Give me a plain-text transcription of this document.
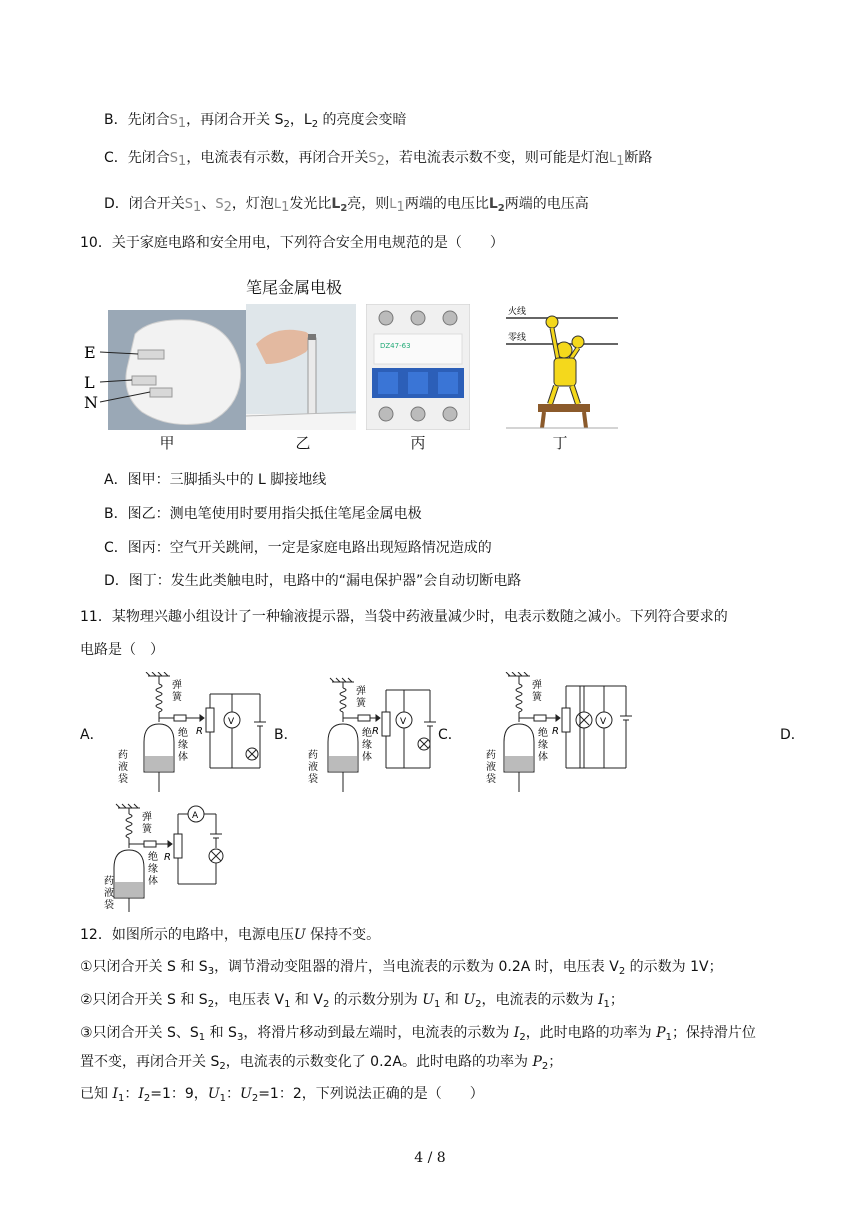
B．先闭合$S_1$，再闭合开关 $S_2$，$L_2$ 的亮度会变暗
C．先闭合$S_1$，电流表有示数，再闭合开关$S_2$，若电流表示数不变，则可能是灯泡$L_1$断路
D．闭合开关$S_1$、$S_2$，灯泡$L_1$发光比$L_2$亮，则$L_1$两端的电压比$L_2$两端的电压高
10．关于家庭电路和安全用电，下列符合安全用电规范的是（　　）
E
L
N
甲
笔尾金属电极
乙
DZ47-63
丙
火线
零线
丁
A．图甲：三脚插头中的 L 脚接地线
B．图乙：测电笔使用时要用指尖抵住笔尾金属电极
C．图丙：空气开关跳闸，一定是家庭电路出现短路情况造成的
D．图丁：发生此类触电时，电路中的“漏电保护器”会自动切断电路
11．某物理兴趣小组设计了一种输液提示器，当袋中药液量减少时，电表示数随之减小。下列符合要求的
电路是（　）
A．	B．	C．	D．
V
R
弹
簧
绝
缘
体
药
液
袋
V
R
弹
簧
绝
缘
体
药
液
袋
V
R
弹
簧
绝
缘
体
药
液
袋
A
R
弹
簧
绝
缘
体
药
液
袋
12．如图所示的电路中，电源电压U 保持不变。
①只闭合开关 S 和 $S_3$，调节滑动变阻器的滑片，当电流表的示数为 0.2A 时，电压表 $V_2$ 的示数为 1V；
②只闭合开关 S 和 $S_2$，电压表 $V_1$ 和 $V_2$ 的示数分别为 $U_1$ 和 $U_2$，电流表的示数为 $I_1$；
③只闭合开关 S、$S_1$ 和 $S_3$，将滑片移动到最左端时，电流表的示数为 $I_2$，此时电路的功率为 $P_1$；保持滑片位
置不变，再闭合开关 $S_2$，电流表的示数变化了 0.2A。此时电路的功率为 $P_2$；
已知 $I_1$：$I_2=1$：9，$U_1$：$U_2=1$：2，下列说法正确的是（　　）
4 / 8
